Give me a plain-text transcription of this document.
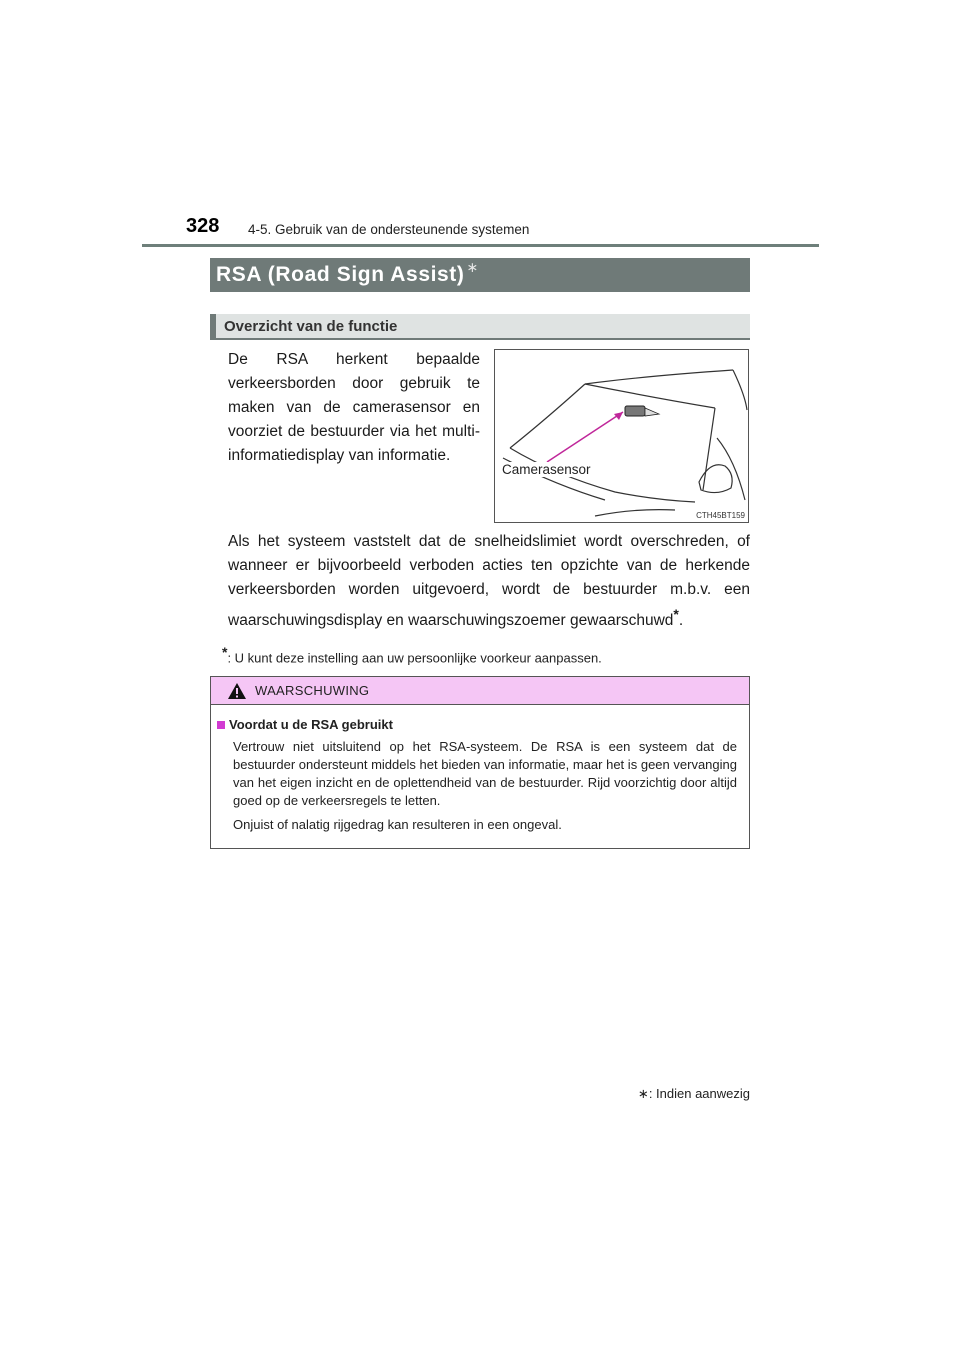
328 4-5. Gebruik van de ondersteunende systemen
RSA (Road Sign Assist) ∗
Overzicht van de functie

De RSA herkent bepaalde verkeersborden door gebruik te maken van de camerasensor en voorziet de bestuurder via het multi-informatiedisplay van informatie.

Camerasensor
CTH45BT159

Als het systeem vaststelt dat de snelheidslimiet wordt overschreden, of wanneer er bijvoorbeeld verboden acties ten opzichte van de herkende verkeersborden worden uitgevoerd, wordt de bestuurder m.b.v. een waarschuwingsdisplay en waarschuwingszoemer gewaarschuwd*.

*: U kunt deze instelling aan uw persoonlijke voorkeur aanpassen.
WAARSCHUWING
Voordat u de RSA gebruikt

Vertrouw niet uitsluitend op het RSA-systeem. De RSA is een systeem dat de bestuurder ondersteunt middels het bieden van informatie, maar het is geen vervanging van het eigen inzicht en de oplettendheid van de bestuurder. Rijd voorzichtig door altijd goed op de verkeersregels te letten.

Onjuist of nalatig rijgedrag kan resulteren in een ongeval.

∗: Indien aanwezig
